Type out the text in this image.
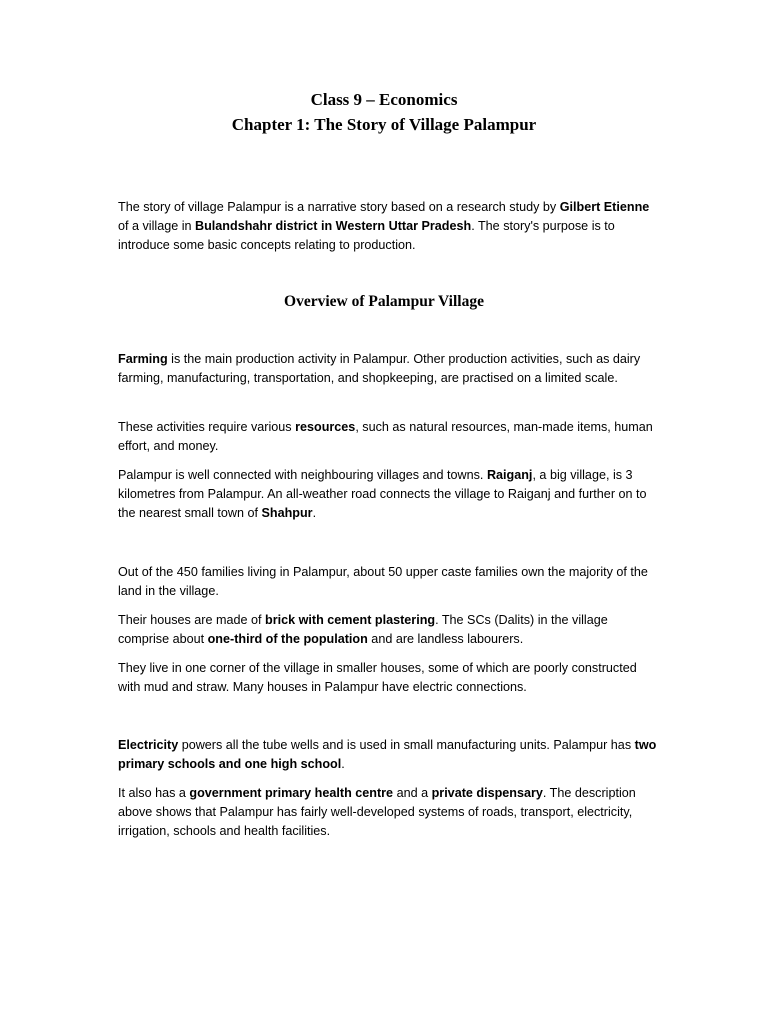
Class 9 – Economics
Chapter 1: The Story of Village Palampur

The story of village Palampur is a narrative story based on a research study by Gilbert Etienne of a village in Bulandshahr district in Western Uttar Pradesh. The story's purpose is to introduce some basic concepts relating to production.

Overview of Palampur Village

Farming is the main production activity in Palampur. Other production activities, such as dairy farming, manufacturing, transportation, and shopkeeping, are practised on a limited scale.

These activities require various resources, such as natural resources, man-made items, human effort, and money.

Palampur is well connected with neighbouring villages and towns. Raiganj, a big village, is 3 kilometres from Palampur. An all-weather road connects the village to Raiganj and further on to the nearest small town of Shahpur.

Out of the 450 families living in Palampur, about 50 upper caste families own the majority of the land in the village.

Their houses are made of brick with cement plastering. The SCs (Dalits) in the village comprise about one-third of the population and are landless labourers.

They live in one corner of the village in smaller houses, some of which are poorly constructed with mud and straw. Many houses in Palampur have electric connections.

Electricity powers all the tube wells and is used in small manufacturing units. Palampur has two primary schools and one high school.

It also has a government primary health centre and a private dispensary. The description above shows that Palampur has fairly well-developed systems of roads, transport, electricity, irrigation, schools and health facilities.
